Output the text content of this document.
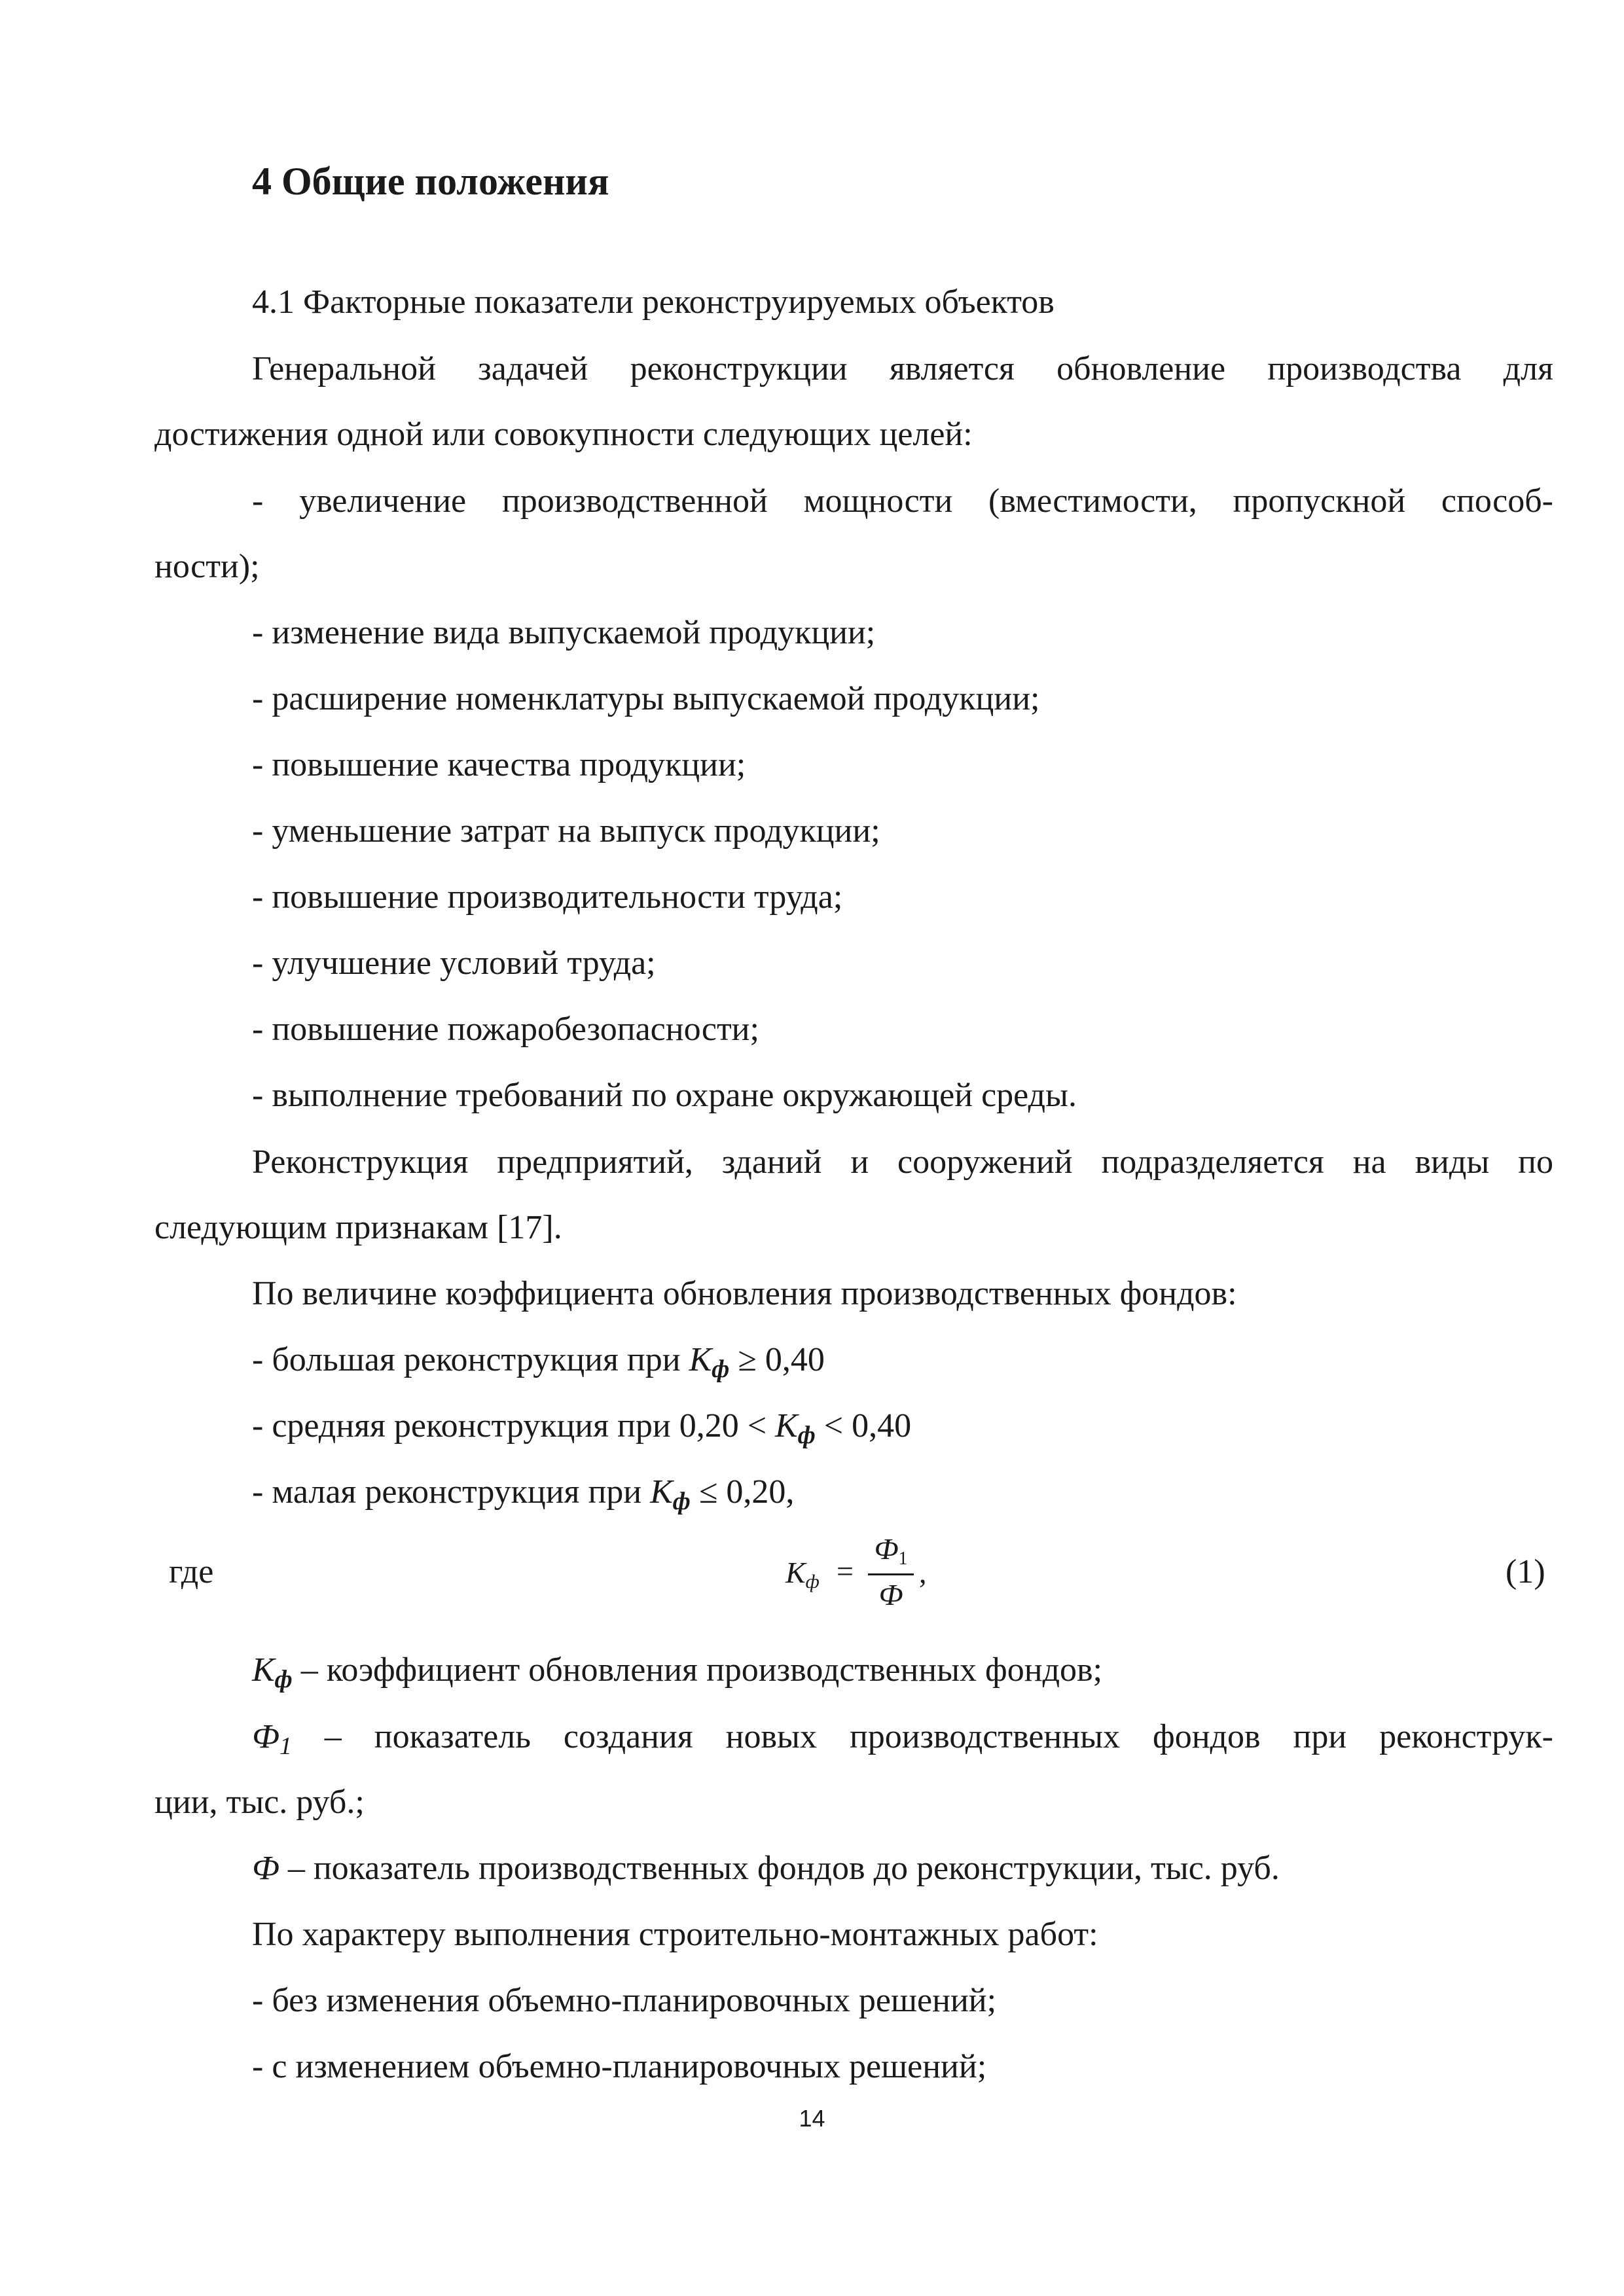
4 Общие положения
4.1 Факторные показатели реконструируемых объектов
Генеральной задачей реконструкции является обновление производства для
достижения одной или совокупности следующих целей:
- увеличение производственной мощности (вместимости, пропускной способ-
ности);
- изменение вида выпускаемой продукции;
- расширение номенклатуры выпускаемой продукции;
- повышение качества продукции;
- уменьшение затрат на выпуск продукции;
- повышение производительности труда;
- улучшение условий труда;
- повышение пожаробезопасности;
- выполнение требований по охране окружающей среды.
Реконструкция предприятий, зданий и сооружений подразделяется на виды по
следующим признакам [17].
По величине коэффициента обновления производственных фондов:
- большая реконструкция при $К_ф \ge 0,40$
- средняя реконструкция при $0,20 < К_ф < 0,40$
- малая реконструкция при $К_ф \le 0,20$,
где	$К_ф$ =
$Ф_1$
Ф
,	(1)
$К_ф$ – коэффициент обновления производственных фондов;
$Ф_1$ – показатель создания новых производственных фондов при реконструк-
ции, тыс. руб.;
Ф – показатель производственных фондов до реконструкции, тыс. руб.
По характеру выполнения строительно-монтажных работ:
- без изменения объемно-планировочных решений;
- с изменением объемно-планировочных решений;
14
